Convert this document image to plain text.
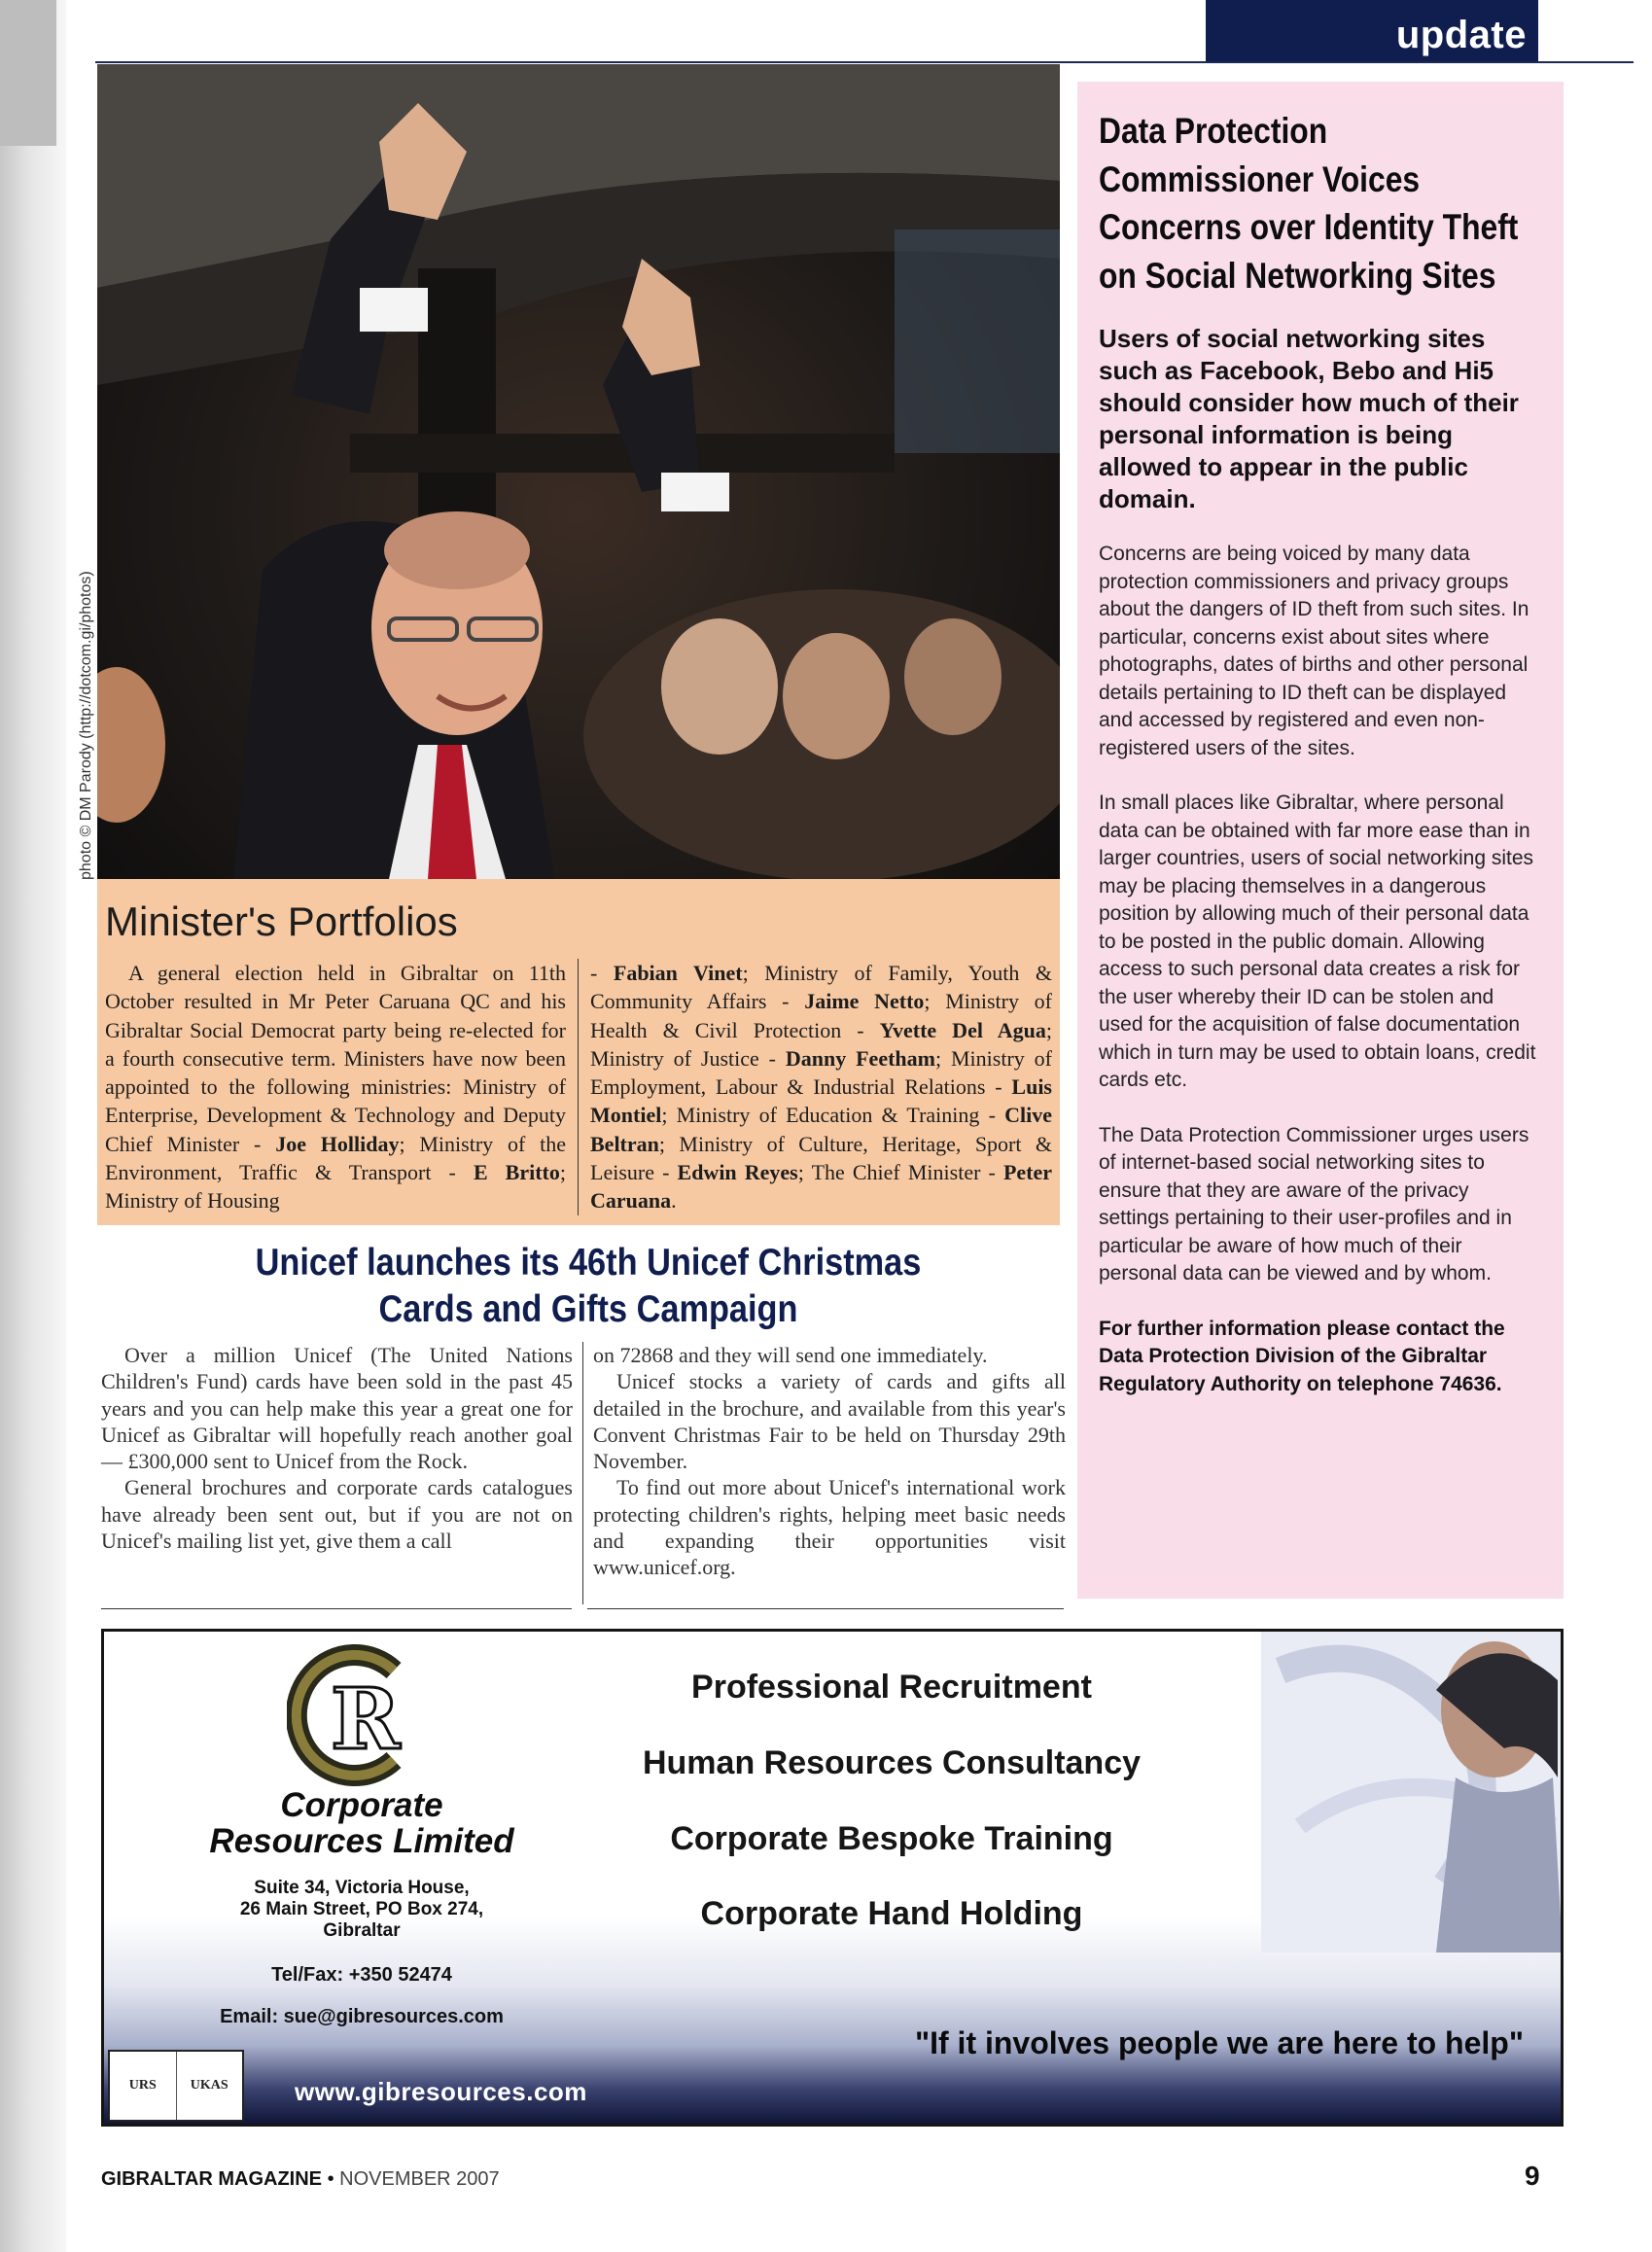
update
photo © DM Parody (http://dotcom.gi/photos)
Minister's Portfolios
A general election held in Gibraltar on 11th October resulted in Mr Peter Caruana QC and his Gibraltar Social Democrat party being re-elected for a fourth consecutive term. Ministers have now been appointed to the following ministries: Ministry of Enterprise, Development & Technology and Deputy Chief Minister - Joe Holliday; Ministry of the Environment, Traffic & Transport - E Britto; Ministry of Housing
- Fabian Vinet; Ministry of Family, Youth & Community Affairs - Jaime Netto; Ministry of Health & Civil Protection - Yvette Del Agua; Ministry of Justice - Danny Feetham; Ministry of Employment, Labour & Industrial Relations - Luis Montiel; Ministry of Education & Training - Clive Beltran; Ministry of Culture, Heritage, Sport & Leisure - Edwin Reyes; The Chief Minister - Peter Caruana.
Unicef launches its 46th Unicef Christmas
Cards and Gifts Campaign

Over a million Unicef (The United Nations Children's Fund) cards have been sold in the past 45 years and you can help make this year a great one for Unicef as Gibraltar will hopefully reach another goal — £300,000 sent to Unicef from the Rock.

General brochures and corporate cards catalogues have already been sent out, but if you are not on Unicef's mailing list yet, give them a call

on 72868 and they will send one immediately.

Unicef stocks a variety of cards and gifts all detailed in the brochure, and available from this year's Convent Christmas Fair to be held on Thursday 29th November.

To find out more about Unicef's international work protecting children's rights, helping meet basic needs and expanding their opportunities visit www.unicef.org.

Data Protection Commissioner Voices Concerns over Identity Theft on Social Networking Sites
Users of social networking sites such as Facebook, Bebo and Hi5 should consider how much of their personal information is being allowed to appear in the public domain.
Concerns are being voiced by many data protection commissioners and privacy groups about the dangers of ID theft from such sites. In particular, concerns exist about sites where photographs, dates of births and other personal details pertaining to ID theft can be displayed and accessed by registered and even non-registered users of the sites.
In small places like Gibraltar, where personal data can be obtained with far more ease than in larger countries, users of social networking sites may be placing themselves in a dangerous position by allowing much of their personal data to be posted in the public domain. Allowing access to such personal data creates a risk for the user whereby their ID can be stolen and used for the acquisition of false documentation which in turn may be used to obtain loans, credit cards etc.
The Data Protection Commissioner urges users of internet-based social networking sites to ensure that they are aware of the privacy settings pertaining to their user-profiles and in particular be aware of how much of their personal data can be viewed and by whom.
For further information please contact the Data Protection Division of the Gibraltar Regulatory Authority on telephone 74636.
R
Corporate
Resources Limited
Suite 34, Victoria House,
26 Main Street, PO Box 274,
Gibraltar
Tel/Fax: +350 52474
Email: sue@gibresources.com
Professional Recruitment
Human Resources Consultancy
Corporate Bespoke Training
Corporate Hand Holding
"If it involves people we are here to help"
www.gibresources.com
URS	UKAS
GIBRALTAR MAGAZINE • NOVEMBER 2007	9
